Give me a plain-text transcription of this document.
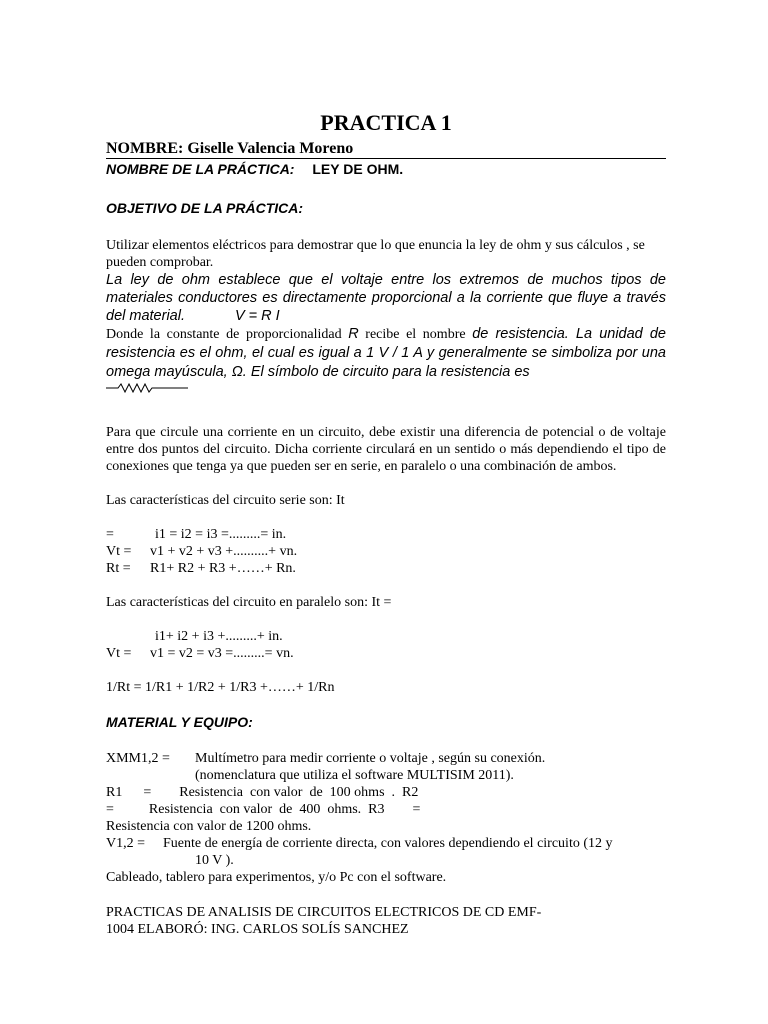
PRACTICA 1
NOMBRE: Giselle Valencia Moreno
NOMBRE DE LA PRÁCTICA: LEY DE OHM.
OBJETIVO DE LA PRÁCTICA:

Utilizar elementos eléctricos para demostrar que lo que enuncia la ley de ohm y sus cálculos , se pueden comprobar.

La ley de ohm establece que el voltaje entre los extremos de muchos tipos de materiales conductores es directamente proporcional a la corriente que fluye a través del material.	V = R I

Donde la constante de proporcionalidad R recibe el nombre de resistencia. La unidad de resistencia es el ohm, el cual es igual a 1 V / 1 A y generalmente se simboliza por una omega mayúscula, Ω. El símbolo de circuito para la resistencia es

Para que circule una corriente en un circuito, debe existir una diferencia de potencial o de voltaje entre dos puntos del circuito. Dicha corriente circulará en un sentido o más dependiendo el tipo de conexiones que tenga ya que pueden ser en serie, en paralelo o una combinación de ambos.

Las características del circuito serie son: It

=	i1 = i2 = i3 =.........= in.
Vt =	v1 + v2 + v3 +..........+ vn.
Rt =	R1+ R2 + R3 +……+ Rn.

Las características del circuito en paralelo son: It =

i1+ i2 + i3 +.........+ in.
Vt =	v1 = v2 = v3 =.........= vn.

1/Rt = 1/R1 + 1/R2 + 1/R3 +……+ 1/Rn

MATERIAL Y EQUIPO:
XMM1,2 =	Multímetro para medir corriente o voltaje , según su conexión.

(nomenclatura que utiliza el software MULTISIM 2011).

R1      =        Resistencia  con valor  de  100 ohms  .  R2

=          Resistencia  con valor  de  400  ohms.  R3        =

Resistencia con valor de 1200 ohms.

V1,2 =	Fuente de energía de corriente directa, con valores dependiendo el circuito (12 y

10 V ).

Cableado, tablero para experimentos, y/o Pc con el software.

PRACTICAS DE ANALISIS DE CIRCUITOS ELECTRICOS DE CD EMF-

1004 ELABORÓ: ING. CARLOS SOLÍS SANCHEZ
